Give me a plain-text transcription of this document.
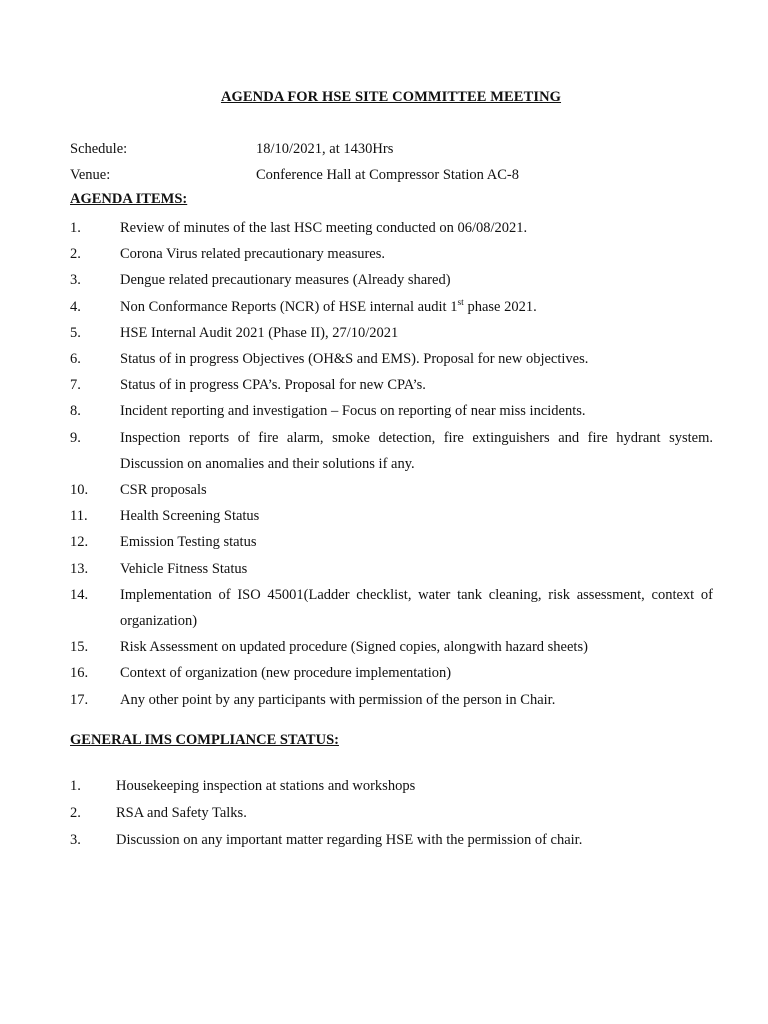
AGENDA FOR HSE SITE COMMITTEE MEETING
Schedule:	18/10/2021, at 1430Hrs
Venue:	Conference Hall at Compressor Station AC-8
AGENDA ITEMS:
1.	Review of minutes of the last HSC meeting conducted on 06/08/2021.
2.	Corona Virus related precautionary measures.
3.	Dengue related precautionary measures (Already shared)
4.	Non Conformance Reports (NCR) of HSE internal audit 1st phase 2021.
5.	HSE Internal Audit 2021 (Phase II), 27/10/2021
6.	Status of in progress Objectives (OH&S and EMS). Proposal for new objectives.
7.	Status of in progress CPA’s. Proposal for new CPA’s.
8.	Incident reporting and investigation – Focus on reporting of near miss incidents.
9.	Inspection reports of fire alarm, smoke detection, fire extinguishers and fire hydrant system. Discussion on anomalies and their solutions if any.
10.	CSR proposals
11.	Health Screening Status
12.	Emission Testing status
13.	Vehicle Fitness Status
14.	Implementation of ISO 45001(Ladder checklist, water tank cleaning, risk assessment, context of organization)
15.	Risk Assessment on updated procedure (Signed copies, alongwith hazard sheets)
16.	Context of organization (new procedure implementation)
17.	Any other point by any participants with permission of the person in Chair.
GENERAL IMS COMPLIANCE STATUS:
1.	Housekeeping inspection at stations and workshops
2.	RSA and Safety Talks.
3.	Discussion on any important matter regarding HSE with the permission of chair.
